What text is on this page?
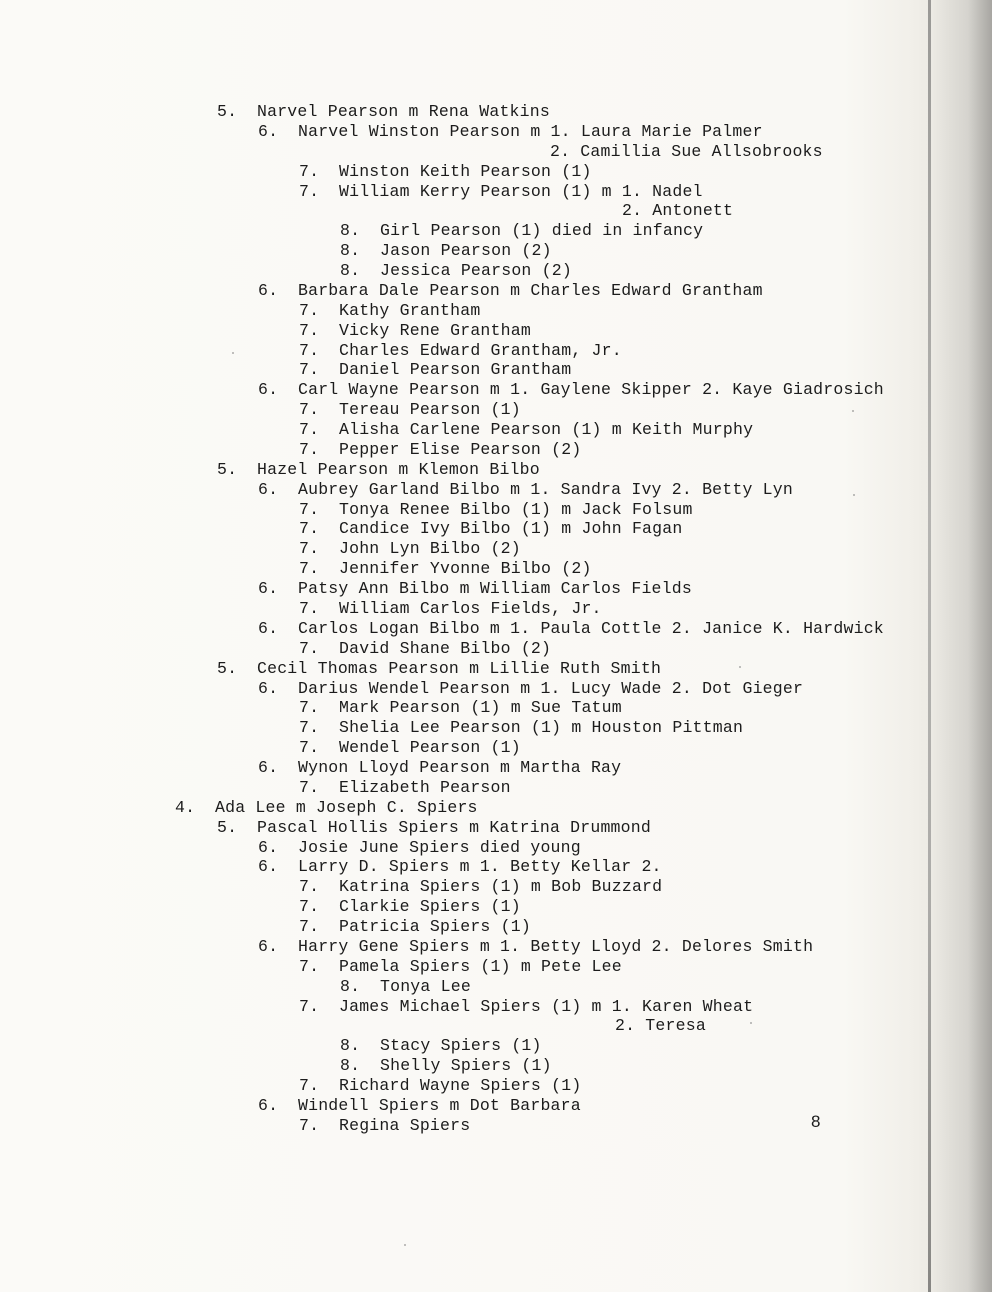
5. Narvel Pearson m Rena Watkins
6. Narvel Winston Pearson m 1. Laura Marie Palmer
2. Camillia Sue Allsobrooks
7. Winston Keith Pearson (1)
7. William Kerry Pearson (1) m 1. Nadel
2. Antonett
8. Girl Pearson (1) died in infancy
8. Jason Pearson (2)
8. Jessica Pearson (2)
6. Barbara Dale Pearson m Charles Edward Grantham
7. Kathy Grantham
7. Vicky Rene Grantham
7. Charles Edward Grantham, Jr.
7. Daniel Pearson Grantham
6. Carl Wayne Pearson m 1. Gaylene Skipper 2. Kaye Giadrosich
7. Tereau Pearson (1)
7. Alisha Carlene Pearson (1) m Keith Murphy
7. Pepper Elise Pearson (2)
5. Hazel Pearson m Klemon Bilbo
6. Aubrey Garland Bilbo m 1. Sandra Ivy 2. Betty Lyn
7. Tonya Renee Bilbo (1) m Jack Folsum
7. Candice Ivy Bilbo (1) m John Fagan
7. John Lyn Bilbo (2)
7. Jennifer Yvonne Bilbo (2)
6. Patsy Ann Bilbo m William Carlos Fields
7. William Carlos Fields, Jr.
6. Carlos Logan Bilbo m 1. Paula Cottle 2. Janice K. Hardwick
7. David Shane Bilbo (2)
5. Cecil Thomas Pearson m Lillie Ruth Smith
6. Darius Wendel Pearson m 1. Lucy Wade 2. Dot Gieger
7. Mark Pearson (1) m Sue Tatum
7. Shelia Lee Pearson (1) m Houston Pittman
7. Wendel Pearson (1)
6. Wynon Lloyd Pearson m Martha Ray
7. Elizabeth Pearson
4. Ada Lee m Joseph C. Spiers
5. Pascal Hollis Spiers m Katrina Drummond
6. Josie June Spiers died young
6. Larry D. Spiers m 1. Betty Kellar 2.
7. Katrina Spiers (1) m Bob Buzzard
7. Clarkie Spiers (1)
7. Patricia Spiers (1)
6. Harry Gene Spiers m 1. Betty Lloyd 2. Delores Smith
7. Pamela Spiers (1) m Pete Lee
8. Tonya Lee
7. James Michael Spiers (1) m 1. Karen Wheat
2. Teresa
8. Stacy Spiers (1)
8. Shelly Spiers (1)
7. Richard Wayne Spiers (1)
6. Windell Spiers m Dot Barbara
7. Regina Spiers	8
